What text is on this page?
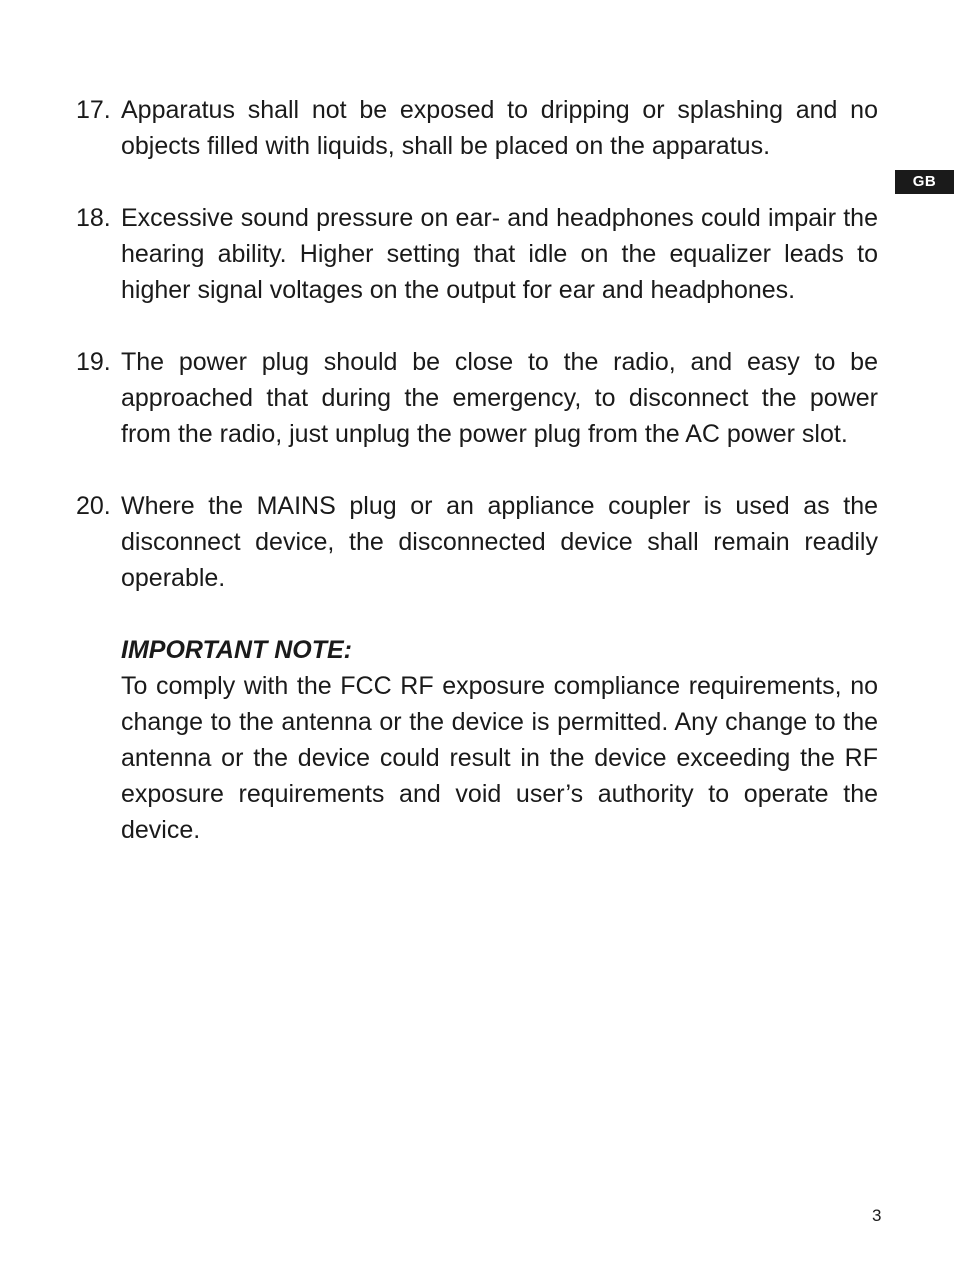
GB
17. Apparatus shall not be exposed to dripping or splashing and no objects filled with liquids, shall be placed on the apparatus.

18. Excessive sound pressure on ear- and headphones could impair the hearing ability. Higher setting that idle on the equalizer leads to higher signal voltages on the output for ear and headphones.

19. The power plug should be close to the radio, and easy to be approached that during the emergency, to disconnect the power from the radio, just unplug the power plug from the AC power slot.

20. Where the MAINS plug or an appliance coupler is used as the disconnect device, the disconnected device shall remain readily operable.

IMPORTANT NOTE:

To comply with the FCC RF exposure compliance requirements, no change to the antenna or the device is permitted. Any change to the antenna or the device could result in the device exceeding the RF exposure requirements and void user’s authority to operate the device.

3
